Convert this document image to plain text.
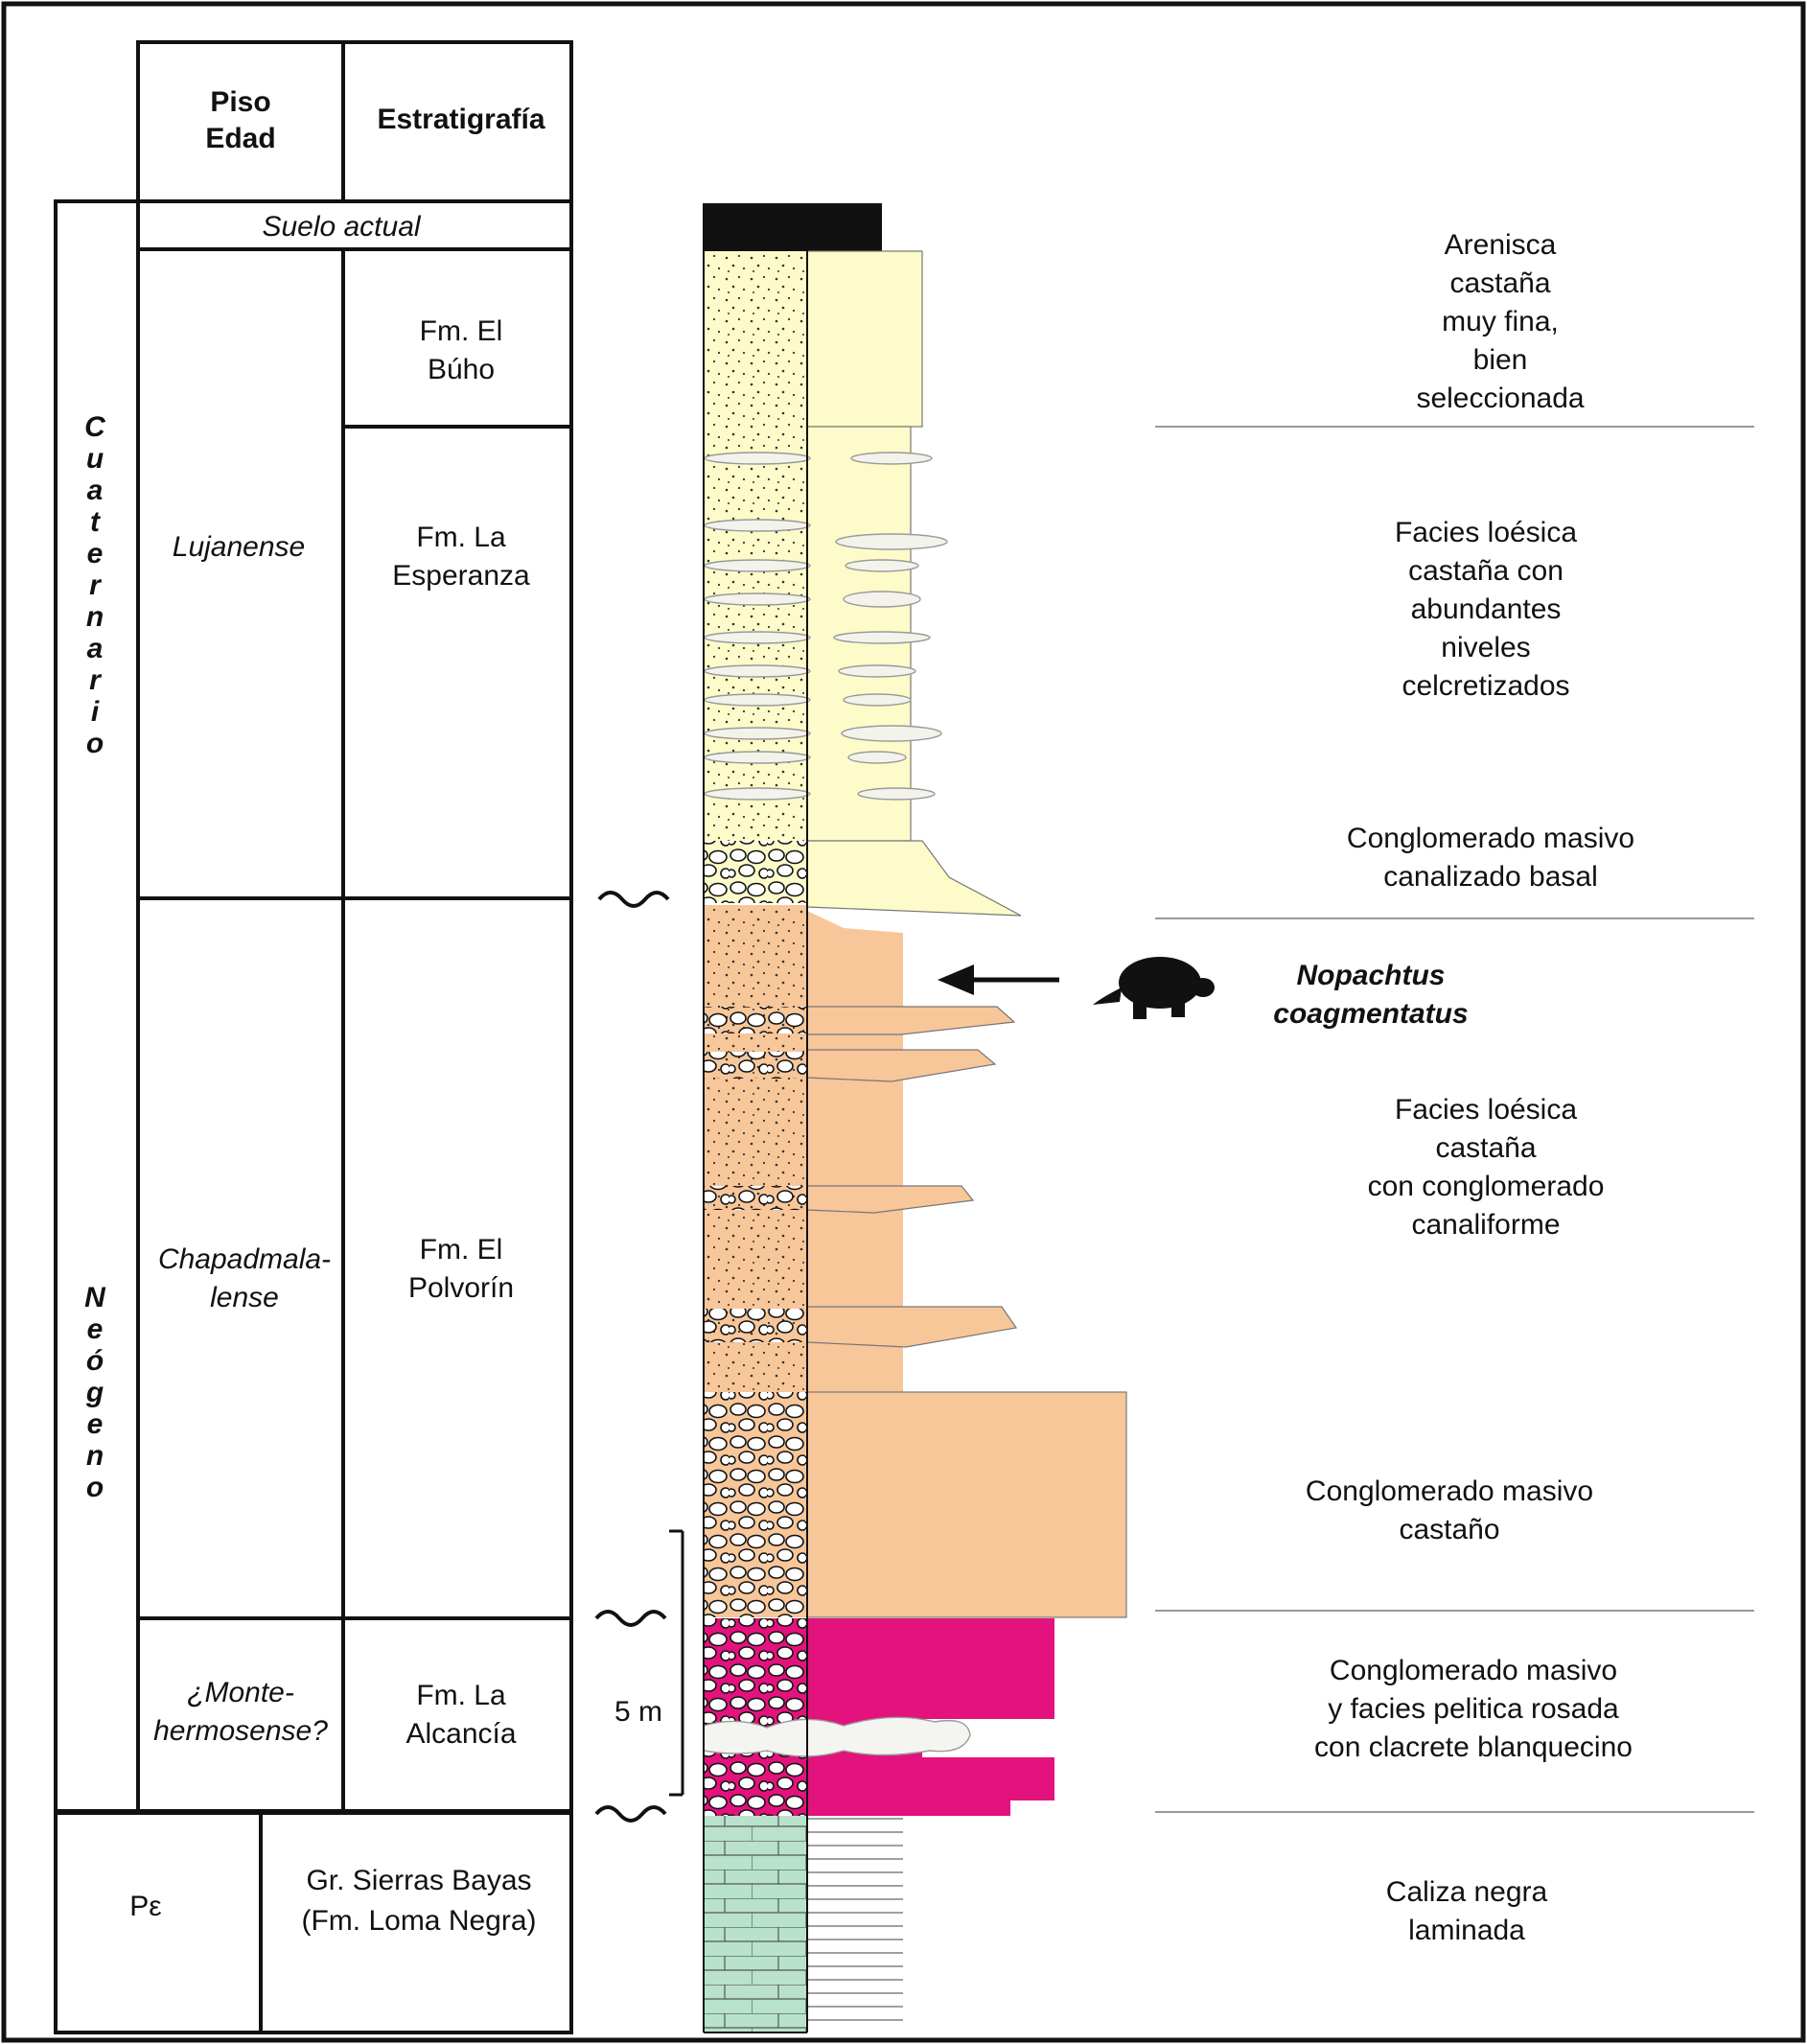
Piso Edad
Estratigrafía
Suelo actual
C u a t e r n a r i o
N e ó g e n o
Pε
Lujanense
Chapadmala-lense
¿Monte-hermosense?
Fm. El Búho
Fm. La Esperanza
Fm. El Polvorín
Fm. La Alcancía
Gr. Sierras Bayas (Fm. Loma Negra)
5 m
Nopachtus coagmentatus
Arenisca castaña muy fina, bien seleccionada
Facies loésica castaña con abundantes niveles celcretizados
Conglomerado masivo canalizado basal
Facies loésica castaña con conglomerado canaliforme
Conglomerado masivo castaño
Conglomerado masivo y facies pelitica rosada con clacrete blanquecino
Caliza negra laminada
